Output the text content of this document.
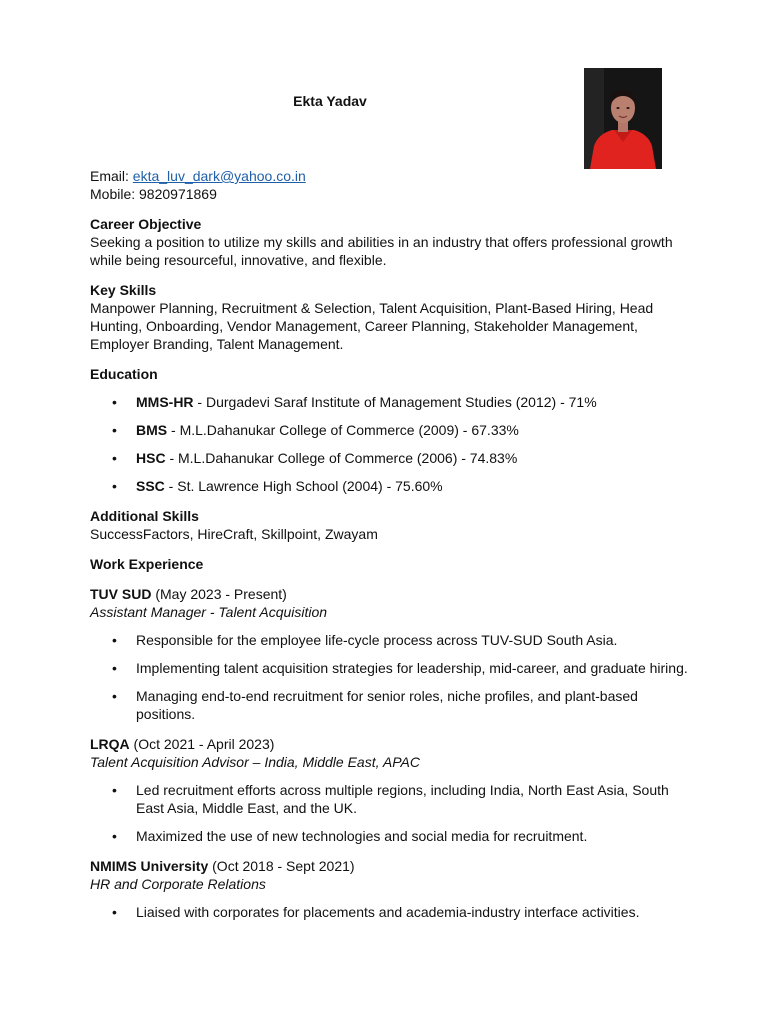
Ekta Yadav
Email: ekta_luv_dark@yahoo.co.in
Mobile: 9820971869
Career Objective

Seeking a position to utilize my skills and abilities in an industry that offers professional growth while being resourceful, innovative, and flexible.

Key Skills

Manpower Planning, Recruitment & Selection, Talent Acquisition, Plant-Based Hiring, Head Hunting, Onboarding, Vendor Management, Career Planning, Stakeholder Management, Employer Branding, Talent Management.

Education
• MMS-HR - Durgadevi Saraf Institute of Management Studies (2012) - 71%
• BMS - M.L.Dahanukar College of Commerce (2009) - 67.33%
• HSC - M.L.Dahanukar College of Commerce (2006) - 74.83%
• SSC - St. Lawrence High School (2004) - 75.60%
Additional Skills

SuccessFactors, HireCraft, Skillpoint, Zwayam

Work Experience
TUV SUD (May 2023 - Present)
Assistant Manager - Talent Acquisition
• Responsible for the employee life-cycle process across TUV-SUD South Asia.
• Implementing talent acquisition strategies for leadership, mid-career, and graduate hiring.
• Managing end-to-end recruitment for senior roles, niche profiles, and plant-based positions.
LRQA (Oct 2021 - April 2023)
Talent Acquisition Advisor – India, Middle East, APAC
• Led recruitment efforts across multiple regions, including India, North East Asia, South East Asia, Middle East, and the UK.
• Maximized the use of new technologies and social media for recruitment.
NMIMS University (Oct 2018 - Sept 2021)
HR and Corporate Relations
• Liaised with corporates for placements and academia-industry interface activities.
